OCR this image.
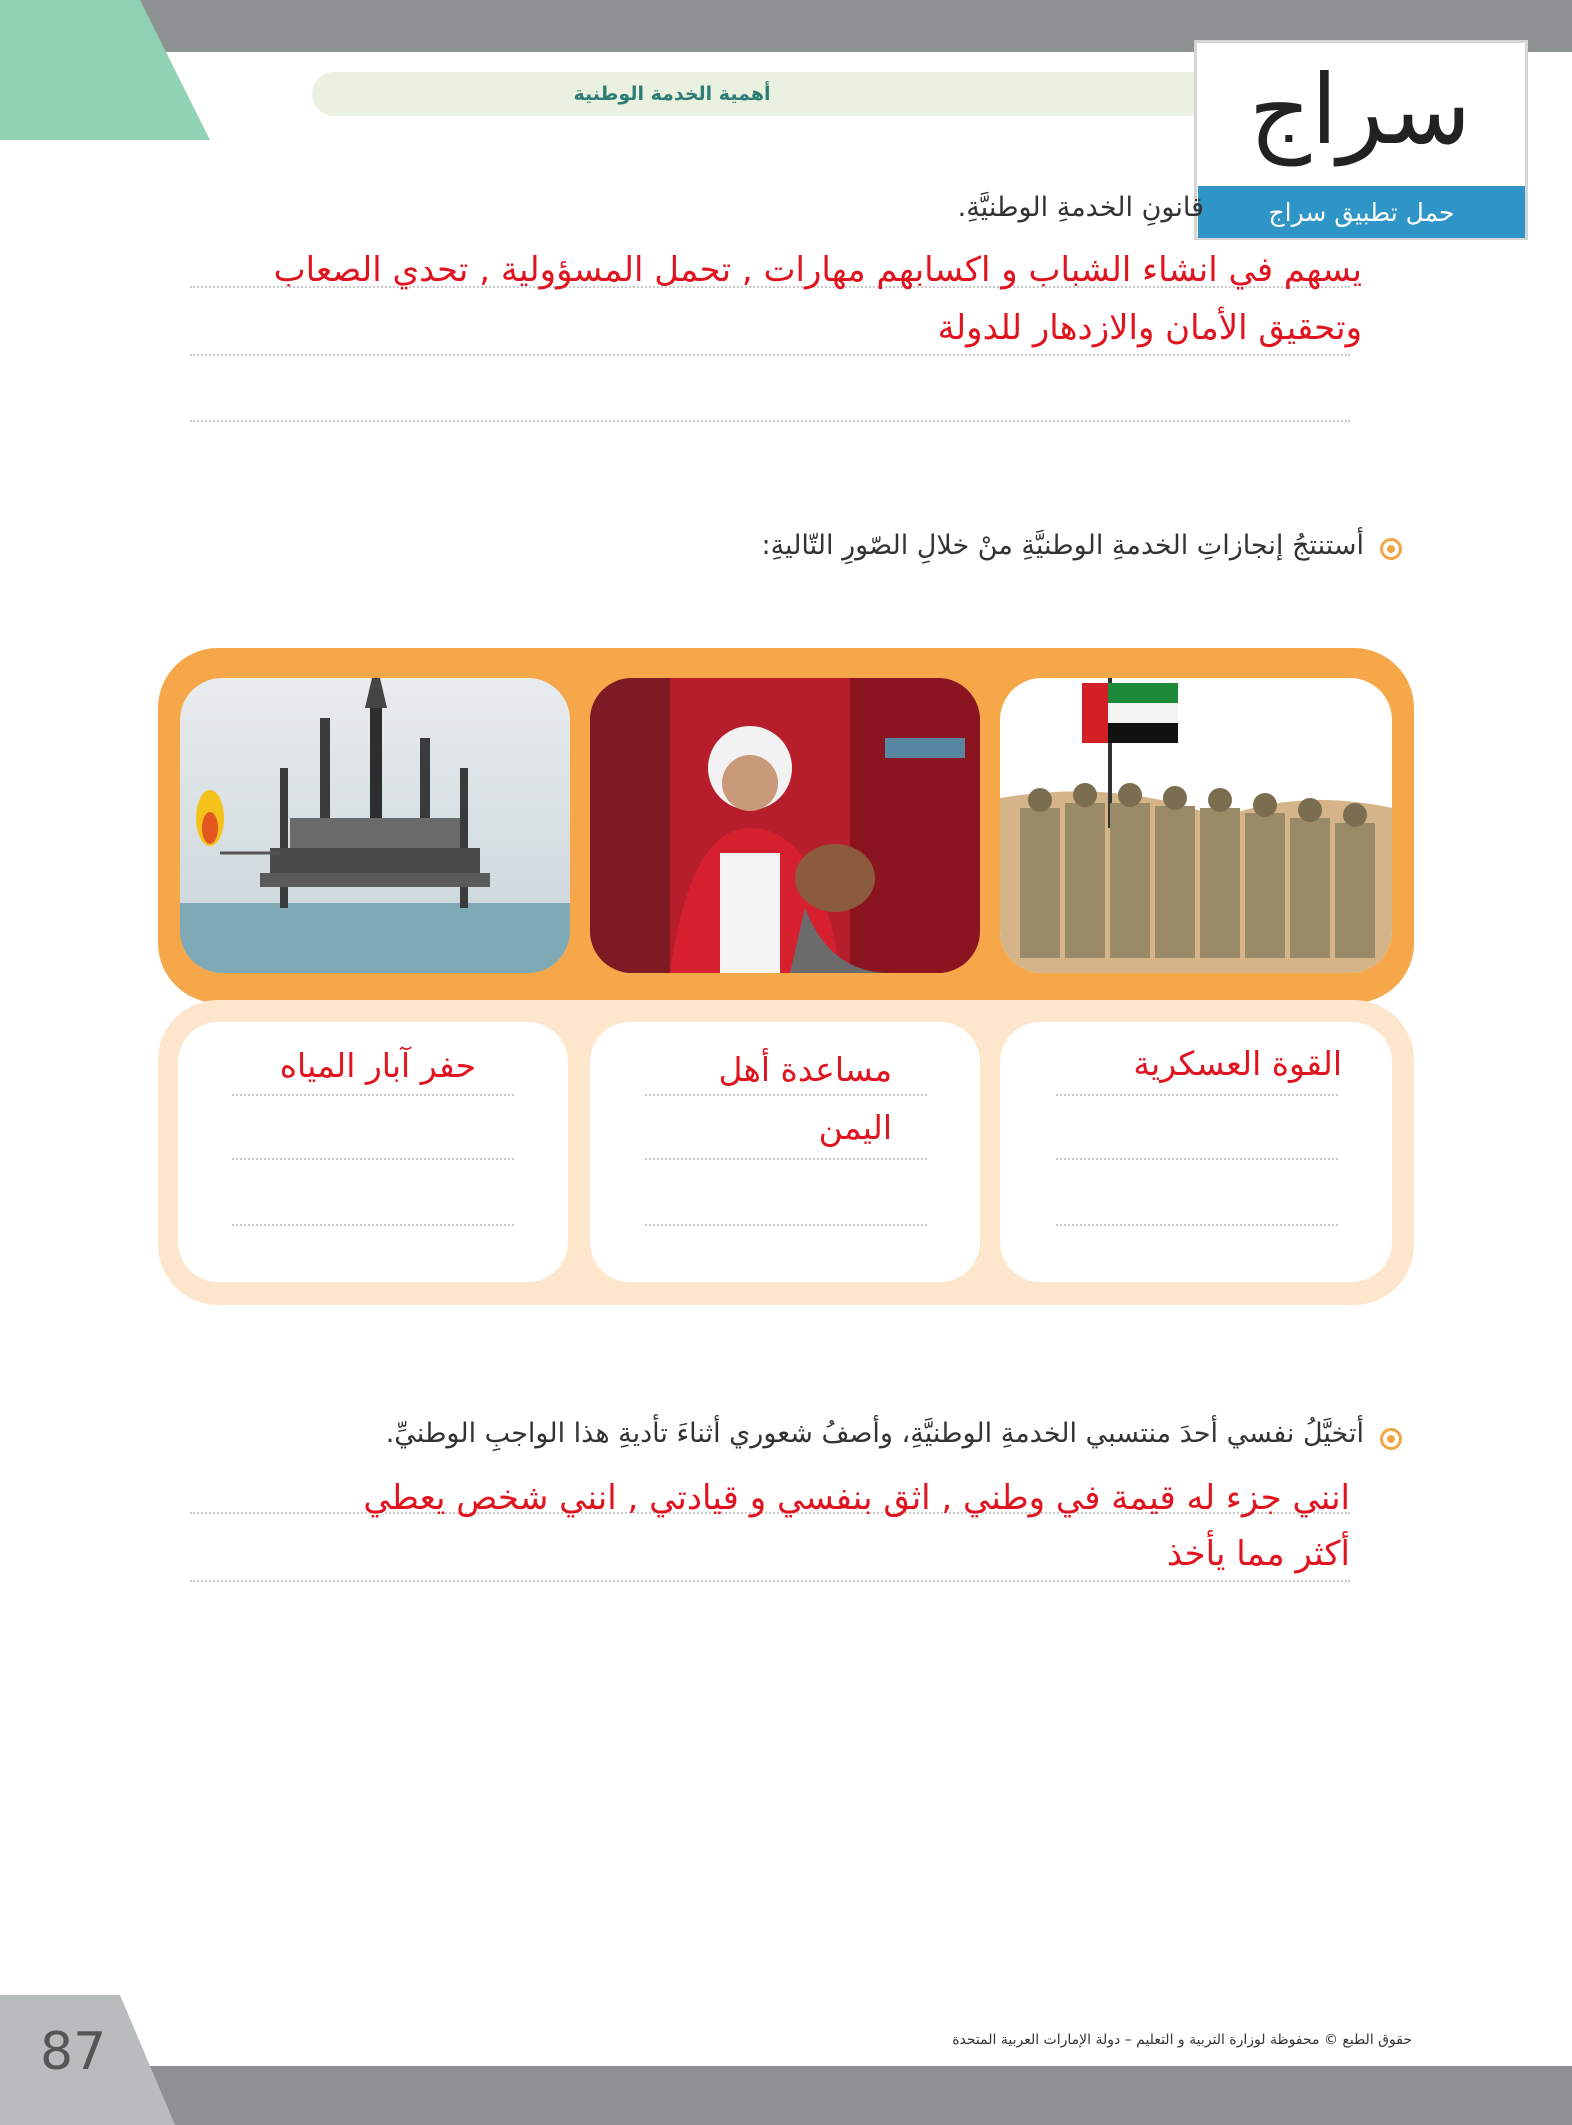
أهمية الخدمة الوطنية	سراج
حمل تطبيق سراج
قانونِ الخدمةِ الوطنيَّةِ.
يسهم في انشاء الشباب و اكسابهم مهارات , تحمل المسؤولية , تحدي الصعاب
وتحقيق الأمان والازدهار للدولة
أستنتجُ إنجازاتِ الخدمةِ الوطنيَّةِ منْ خلالِ الصّورِ التّاليةِ:
حفر آبار المياه	مساعدة أهل
اليمن
القوة العسكرية
أتخيَّلُ نفسي أحدَ منتسبي الخدمةِ الوطنيَّةِ، وأصفُ شعوري أثناءَ تأديةِ هذا الواجبِ الوطنيِّ.
انني جزء له قيمة في وطني , اثق بنفسي و قيادتي , انني شخص يعطي
أكثر مما يأخذ
87	حقوق الطبع © محفوظة لوزارة التربية و التعليم – دولة الإمارات العربية المتحدة
